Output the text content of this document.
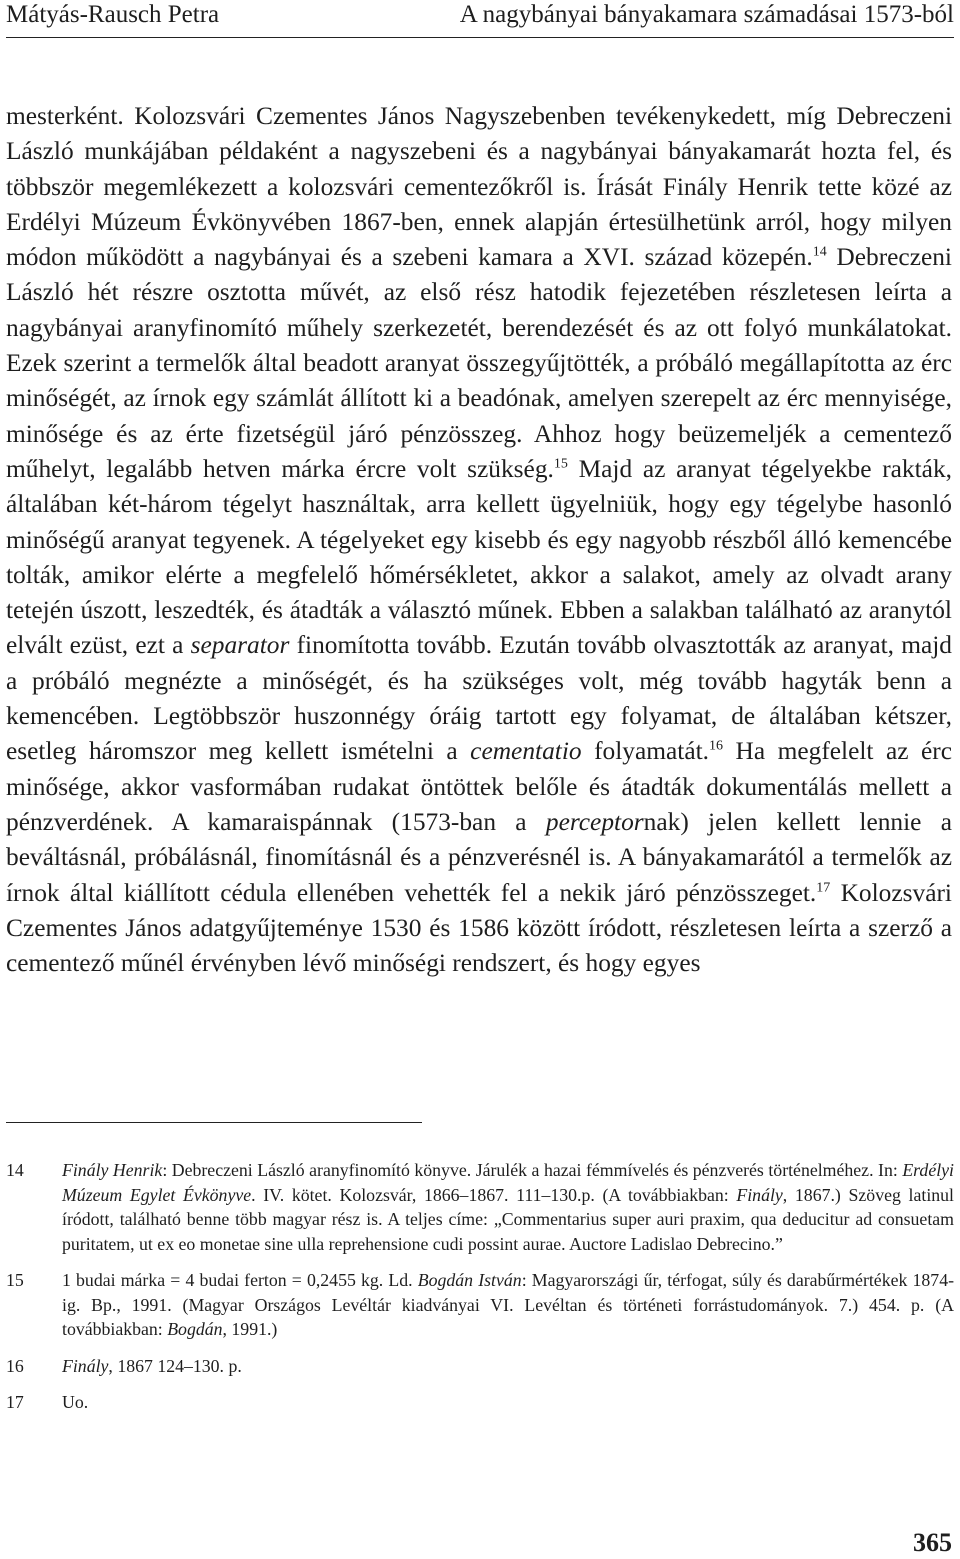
Mátyás-Rausch Petra	A nagybányai bányakamara számadásai 1573-ból

mesterként. Kolozsvári Czementes János Nagyszebenben tevékenykedett, míg Debreczeni László munkájában példaként a nagyszebeni és a nagybányai bányakamarát hozta fel, és többször megemlékezett a kolozsvári cementezőkről is. Írását Finály Henrik tette közé az Erdélyi Múzeum Évkönyvében 1867-ben, ennek alapján értesülhetünk arról, hogy milyen módon működött a nagybányai és a szebeni kamara a XVI. század közepén.$^{14}$ Debreczeni László hét részre osztotta művét, az első rész hatodik fejezetében részletesen leírta a nagybányai aranyfinomító műhely szerkezetét, berendezését és az ott folyó munkálatokat. Ezek szerint a termelők által beadott aranyat összegyűjtötték, a próbáló megállapította az érc minőségét, az írnok egy számlát állított ki a beadónak, amelyen szerepelt az érc mennyisége, minősége és az érte fizetségül járó pénzösszeg. Ahhoz hogy beüzemeljék a cementező műhelyt, legalább hetven márka ércre volt szükség.$^{15}$ Majd az aranyat tégelyekbe rakták, általában két-három tégelyt használtak, arra kellett ügyelniük, hogy egy tégelybe hasonló minőségű aranyat tegyenek. A tégelyeket egy kisebb és egy nagyobb részből álló kemencébe tolták, amikor elérte a megfelelő hőmérsékletet, akkor a salakot, amely az olvadt arany tetején úszott, leszedték, és átadták a választó műnek. Ebben a salakban található az aranytól elvált ezüst, ezt a separator finomította tovább. Ezután tovább olvasztották az aranyat, majd a próbáló megnézte a minőségét, és ha szükséges volt, még tovább hagyták benn a kemencében. Legtöbbször huszonnégy óráig tartott egy folyamat, de általában kétszer, esetleg háromszor meg kellett ismételni a cementatio folyamatát.$^{16}$ Ha megfelelt az érc minősége, akkor vasformában rudakat öntöttek belőle és átadták dokumentálás mellett a pénzverdének. A kamaraispánnak (1573-ban a perceptornak) jelen kellett lennie a beváltásnál, próbálásnál, finomításnál és a pénzverésnél is. A bányakamarától a termelők az írnok által kiállított cédula ellenében vehették fel a nekik járó pénzösszeget.$^{17}$ Kolozsvári Czementes János adatgyűjteménye 1530 és 1586 között íródott, részletesen leírta a szerző a cementező műnél érvényben lévő minőségi rendszert, és hogy egyes

14 Finály Henrik: Debreczeni László aranyfinomító könyve. Járulék a hazai fémmívelés és pénzverés történelméhez. In: Erdélyi Múzeum Egylet Évkönyve. IV. kötet. Kolozsvár, 1866–1867. 111–130.p. (A továbbiakban: Finály, 1867.) Szöveg latinul íródott, található benne több magyar rész is. A teljes címe: „Commentarius super auri praxim, qua deducitur ad consuetam puritatem, ut ex eo monetae sine ulla reprehensione cudi possint aurae. Auctore Ladislao Debrecino.”
15 1 budai márka = 4 budai ferton = 0,2455 kg. Ld. Bogdán István: Magyarországi űr, térfogat, súly és darabűrmértékek 1874-ig. Bp., 1991. (Magyar Országos Levéltár kiadványai VI. Levéltan és történeti forrástudományok. 7.) 454. p. (A továbbiakban: Bogdán, 1991.)
16 Finály, 1867 124–130. p.
17 Uo.
365
